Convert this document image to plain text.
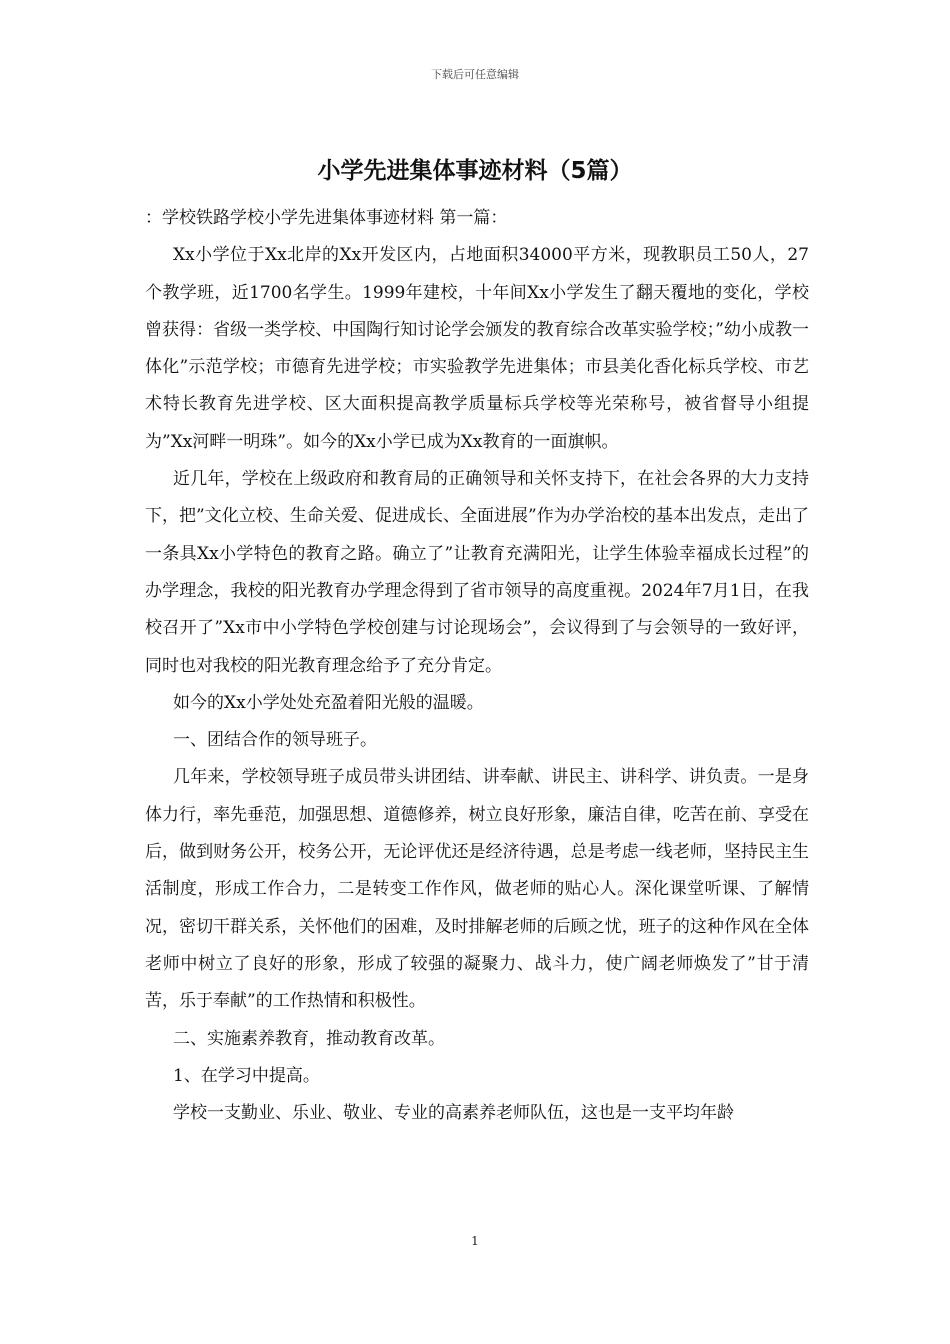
下载后可任意编辑
小学先进集体事迹材料（5篇）

：学校铁路学校小学先进集体事迹材料 第一篇：

Xx小学位于Xx北岸的Xx开发区内，占地面积34000平方米，现教职员工50人，27个教学班，近1700名学生。1999年建校，十年间Xx小学发生了翻天覆地的变化，学校曾获得：省级一类学校、中国陶行知讨论学会颁发的教育综合改革实验学校；”幼小成教一体化”示范学校；市德育先进学校；市实验教学先进集体；市县美化香化标兵学校、市艺术特长教育先进学校、区大面积提高教学质量标兵学校等光荣称号，被省督导小组提为”Xx河畔一明珠”。如今的Xx小学已成为Xx教育的一面旗帜。

近几年，学校在上级政府和教育局的正确领导和关怀支持下，在社会各界的大力支持下，把”文化立校、生命关爱、促进成长、全面进展”作为办学治校的基本出发点，走出了一条具Xx小学特色的教育之路。确立了”让教育充满阳光，让学生体验幸福成长过程”的办学理念，我校的阳光教育办学理念得到了省市领导的高度重视。2024年7月1日，在我校召开了”Xx市中小学特色学校创建与讨论现场会”，会议得到了与会领导的一致好评，同时也对我校的阳光教育理念给予了充分肯定。

如今的Xx小学处处充盈着阳光般的温暖。

一、团结合作的领导班子。

几年来，学校领导班子成员带头讲团结、讲奉献、讲民主、讲科学、讲负责。一是身体力行，率先垂范，加强思想、道德修养，树立良好形象，廉洁自律，吃苦在前、享受在后，做到财务公开，校务公开，无论评优还是经济待遇，总是考虑一线老师，坚持民主生活制度，形成工作合力，二是转变工作作风，做老师的贴心人。深化课堂听课、了解情况，密切干群关系，关怀他们的困难，及时排解老师的后顾之忧，班子的这种作风在全体老师中树立了良好的形象，形成了较强的凝聚力、战斗力，使广阔老师焕发了”甘于清苦，乐于奉献”的工作热情和积极性。

二、实施素养教育，推动教育改革。

1、在学习中提高。

学校一支勤业、乐业、敬业、专业的高素养老师队伍，这也是一支平均年龄

1
